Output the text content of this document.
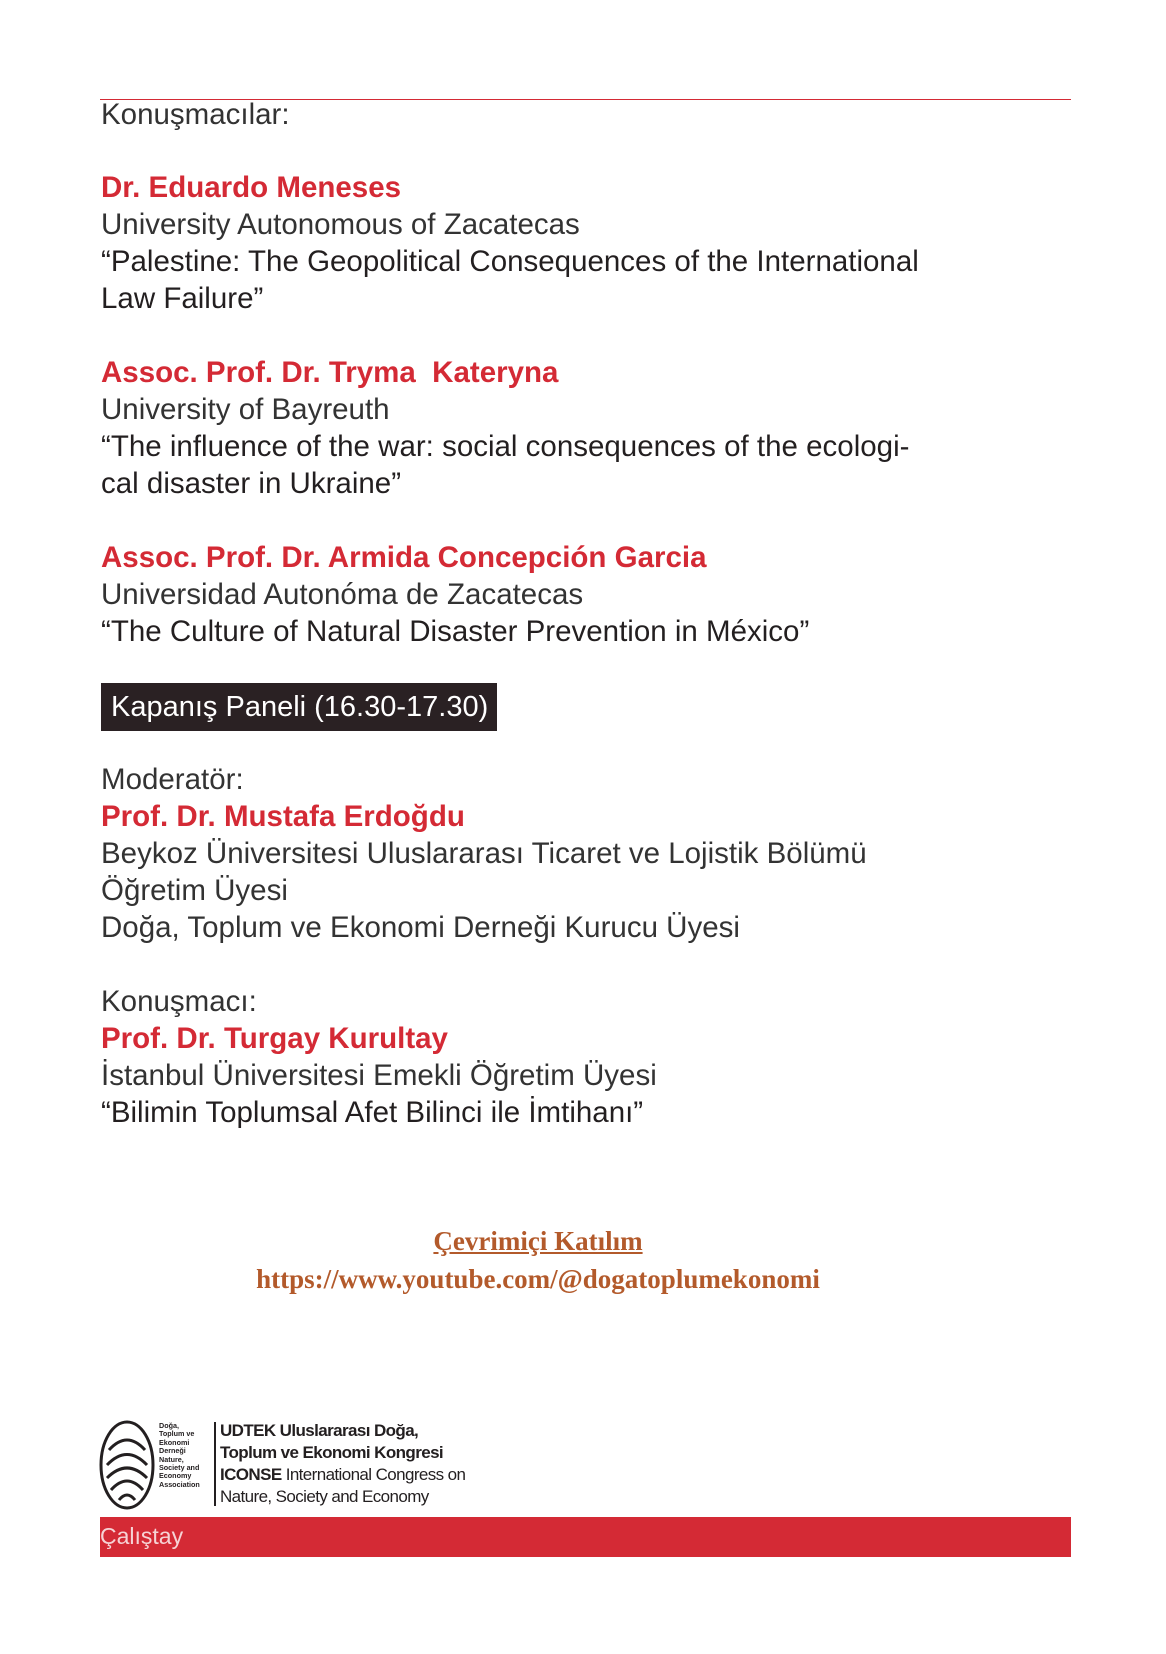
Konuşmacılar:
Dr. Eduardo Meneses
University Autonomous of Zacatecas
“Palestine: The Geopolitical Consequences of the International
Law Failure”
Assoc. Prof. Dr. Tryma  Kateryna
University of Bayreuth
“The influence of the war: social consequences of the ecologi-
cal disaster in Ukraine”
Assoc. Prof. Dr. Armida Concepción Garcia
Universidad Autonóma de Zacatecas
“The Culture of Natural Disaster Prevention in México”
Kapanış Paneli (16.30-17.30)
Moderatör:
Prof. Dr. Mustafa Erdoğdu
Beykoz Üniversitesi Uluslararası Ticaret ve Lojistik Bölümü
Öğretim Üyesi
Doğa, Toplum ve Ekonomi Derneği Kurucu Üyesi
Konuşmacı:
Prof. Dr. Turgay Kurultay
İstanbul Üniversitesi Emekli Öğretim Üyesi
“Bilimin Toplumsal Afet Bilinci ile İmtihanı”
Çevrimiçi Katılım
https://www.youtube.com/@dogatoplumekonomi
Doğa,
Toplum ve
Ekonomi
Derneği
Nature,
Society and
Economy
Association
UDTEK Uluslararası Doğa,
Toplum ve Ekonomi Kongresi
ICONSE International Congress on
Nature, Society and Economy
Çalıştay
